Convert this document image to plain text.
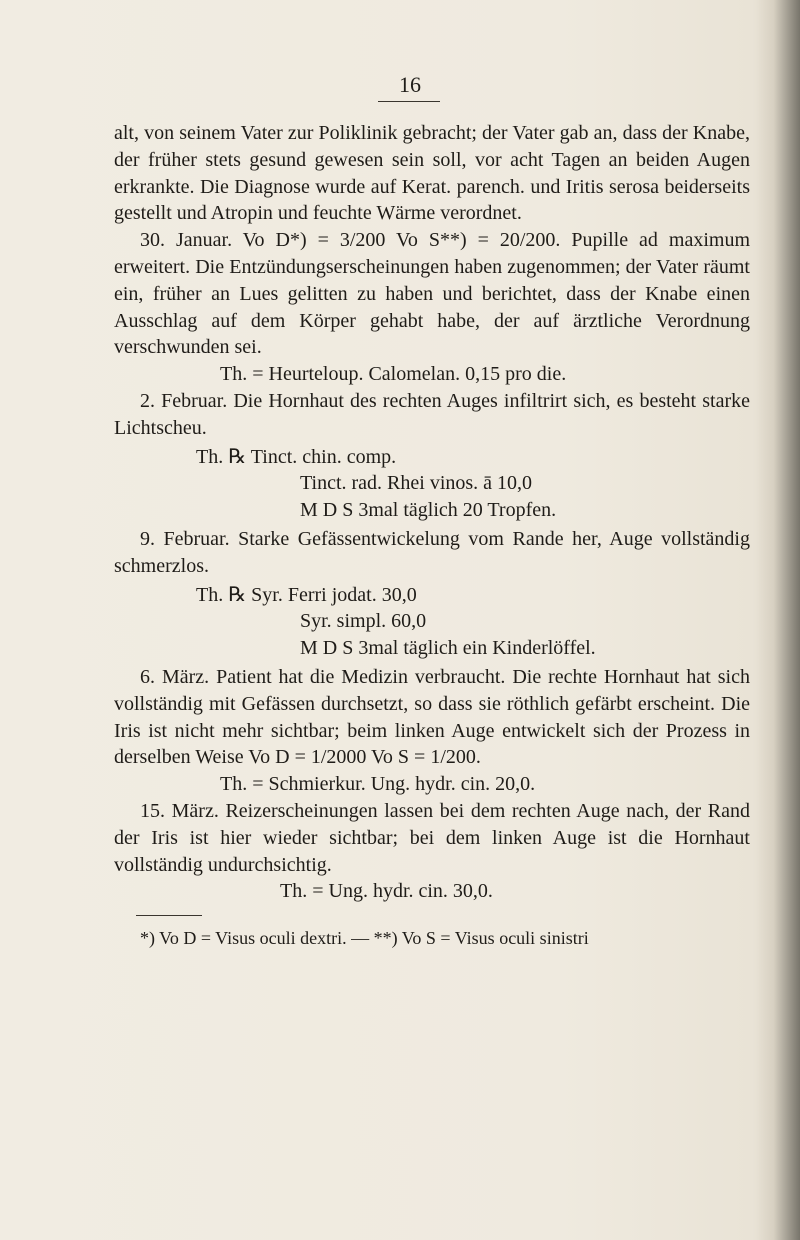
16

alt, von seinem Vater zur Poliklinik gebracht; der Vater gab an, dass der Knabe, der früher stets gesund gewesen sein soll, vor acht Tagen an beiden Augen erkrankte. Die Diagnose wurde auf Kerat. parench. und Iritis serosa beiderseits gestellt und Atropin und feuchte Wärme verordnet.

30. Januar. Vo D*) = 3/200 Vo S**) = 20/200. Pupille ad maximum erweitert. Die Entzündungserscheinungen haben zugenommen; der Vater räumt ein, früher an Lues gelitten zu haben und berichtet, dass der Knabe einen Ausschlag auf dem Körper gehabt habe, der auf ärztliche Verordnung verschwunden sei.

Th. = Heurteloup. Calomelan. 0,15 pro die.

2. Februar. Die Hornhaut des rechten Auges infiltrirt sich, es besteht starke Lichtscheu.

Th. ℞ Tinct. chin. comp.
Tinct. rad. Rhei vinos. ā 10,0
M D S 3mal täglich 20 Tropfen.

9. Februar. Starke Gefässentwickelung vom Rande her, Auge vollständig schmerzlos.

Th. ℞ Syr. Ferri jodat. 30,0
Syr. simpl. 60,0
M D S 3mal täglich ein Kinderlöffel.

6. März. Patient hat die Medizin verbraucht. Die rechte Hornhaut hat sich vollständig mit Gefässen durchsetzt, so dass sie röthlich gefärbt erscheint. Die Iris ist nicht mehr sichtbar; beim linken Auge entwickelt sich der Prozess in derselben Weise Vo D = 1/2000 Vo S = 1/200.

Th. = Schmierkur. Ung. hydr. cin. 20,0.

15. März. Reizerscheinungen lassen bei dem rechten Auge nach, der Rand der Iris ist hier wieder sichtbar; bei dem linken Auge ist die Hornhaut vollständig undurchsichtig.

Th. = Ung. hydr. cin. 30,0.

*) Vo D = Visus oculi dextri. — **) Vo S = Visus oculi sinistri
